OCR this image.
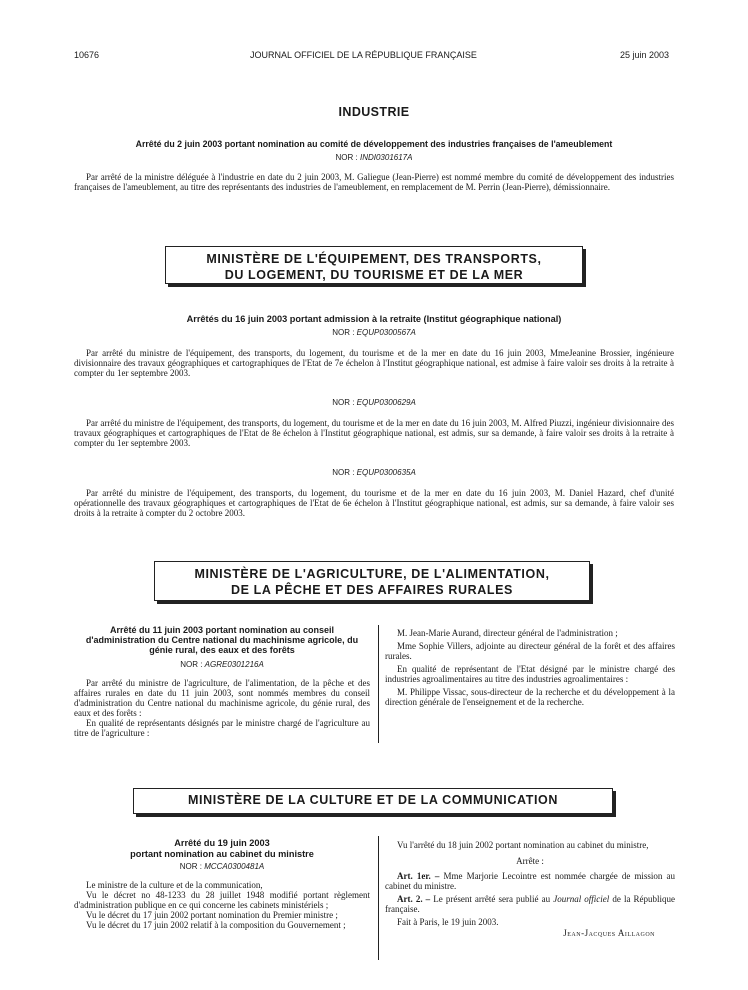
10676	JOURNAL OFFICIEL DE LA RÉPUBLIQUE FRANÇAISE	25 juin 2003
INDUSTRIE
Arrêté du 2 juin 2003 portant nomination au comité de développement des industries françaises de l'ameublement
NOR : INDI0301617A

Par arrêté de la ministre déléguée à l'industrie en date du 2 juin 2003, M. Galiegue (Jean-Pierre) est nommé membre du comité de développement des industries françaises de l'ameublement, au titre des représentants des industries de l'ameublement, en remplacement de M. Perrin (Jean-Pierre), démissionnaire.

MINISTÈRE DE L'ÉQUIPEMENT, DES TRANSPORTS,
DU LOGEMENT, DU TOURISME ET DE LA MER
Arrêtés du 16 juin 2003 portant admission à la retraite (Institut géographique national)
NOR : EQUP0300567A

Par arrêté du ministre de l'équipement, des transports, du logement, du tourisme et de la mer en date du 16 juin 2003, MmeJeanine Brossier, ingénieure divisionnaire des travaux géographiques et cartographiques de l'Etat de 7e échelon à l'Institut géographique national, est admise à faire valoir ses droits à la retraite à compter du 1er septembre 2003.

NOR : EQUP0300629A

Par arrêté du ministre de l'équipement, des transports, du logement, du tourisme et de la mer en date du 16 juin 2003, M. Alfred Piuzzi, ingénieur divisionnaire des travaux géographiques et cartographiques de l'Etat de 8e échelon à l'Institut géographique national, est admis, sur sa demande, à faire valoir ses droits à la retraite à compter du 1er septembre 2003.

NOR : EQUP0300635A

Par arrêté du ministre de l'équipement, des transports, du logement, du tourisme et de la mer en date du 16 juin 2003, M. Daniel Hazard, chef d'unité opérationnelle des travaux géographiques et cartographiques de l'Etat de 6e échelon à l'Institut géographique national, est admis, sur sa demande, à faire valoir ses droits à la retraite à compter du 2 octobre 2003.

MINISTÈRE DE L'AGRICULTURE, DE L'ALIMENTATION,
DE LA PÊCHE ET DES AFFAIRES RURALES
Arrêté du 11 juin 2003 portant nomination au conseil d'administration du Centre national du machinisme agricole, du génie rural, des eaux et des forêts
NOR : AGRE0301216A

Par arrêté du ministre de l'agriculture, de l'alimentation, de la pêche et des affaires rurales en date du 11 juin 2003, sont nommés membres du conseil d'administration du Centre national du machinisme agricole, du génie rural, des eaux et des forêts :

En qualité de représentants désignés par le ministre chargé de l'agriculture au titre de l'agriculture :

M. Jean-Marie Aurand, directeur général de l'administration ;

Mme Sophie Villers, adjointe au directeur général de la forêt et des affaires rurales.

En qualité de représentant de l'Etat désigné par le ministre chargé des industries agroalimentaires au titre des industries agroalimentaires :

M. Philippe Vissac, sous-directeur de la recherche et du développement à la direction générale de l'enseignement et de la recherche.

MINISTÈRE DE LA CULTURE ET DE LA COMMUNICATION
Arrêté du 19 juin 2003
portant nomination au cabinet du ministre
NOR : MCCA0300481A

Le ministre de la culture et de la communication,

Vu le décret no 48-1233 du 28 juillet 1948 modifié portant règlement d'administration publique en ce qui concerne les cabinets ministériels ;

Vu le décret du 17 juin 2002 portant nomination du Premier ministre ;

Vu le décret du 17 juin 2002 relatif à la composition du Gouvernement ;

Vu l'arrêté du 18 juin 2002 portant nomination au cabinet du ministre,

Arrête :

Art. 1er. – Mme Marjorie Lecointre est nommée chargée de mission au cabinet du ministre.

Art. 2. – Le présent arrêté sera publié au Journal officiel de la République française.

Fait à Paris, le 19 juin 2003.

Jean-Jacques Aillagon
